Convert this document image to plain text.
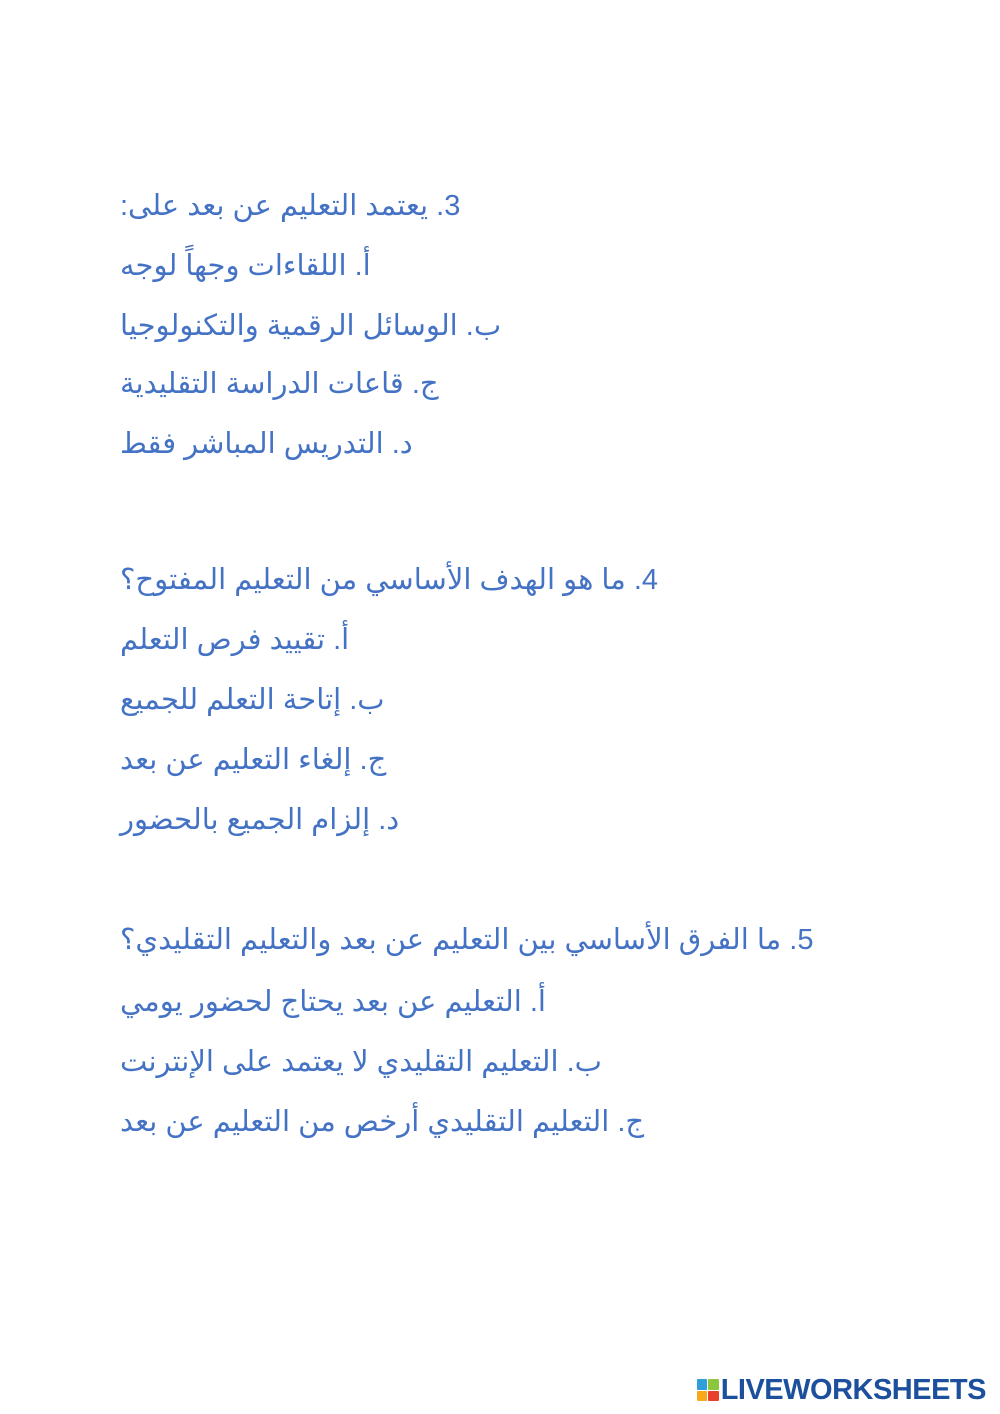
3. يعتمد التعليم عن بعد على:
أ. اللقاءات وجهاً لوجه
ب. الوسائل الرقمية والتكنولوجيا
ج. قاعات الدراسة التقليدية
د. التدريس المباشر فقط
4. ما هو الهدف الأساسي من التعليم المفتوح؟
أ. تقييد فرص التعلم
ب. إتاحة التعلم للجميع
ج. إلغاء التعليم عن بعد
د. إلزام الجميع بالحضور
5. ما الفرق الأساسي بين التعليم عن بعد والتعليم التقليدي؟
أ. التعليم عن بعد يحتاج لحضور يومي
ب. التعليم التقليدي لا يعتمد على الإنترنت
ج. التعليم التقليدي أرخص من التعليم عن بعد
LIVEWORKSHEETS
